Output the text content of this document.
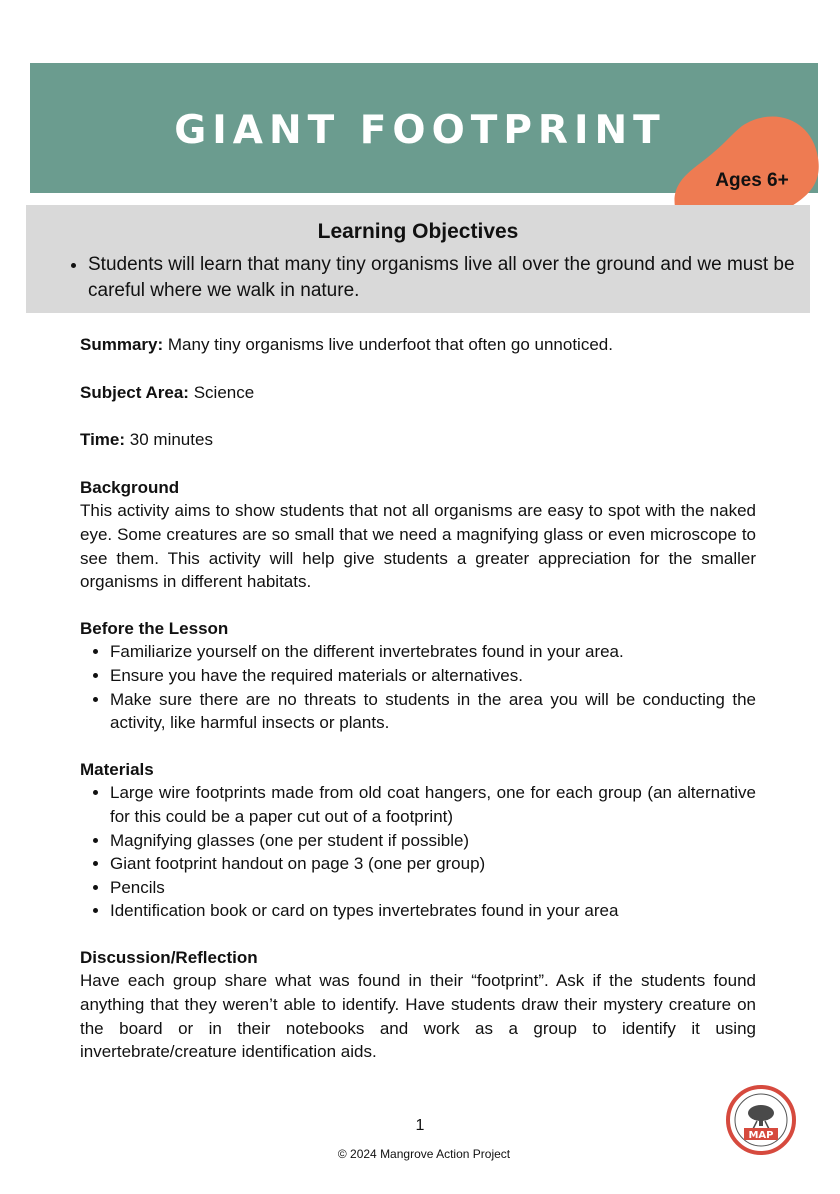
GIANT FOOTPRINT
Ages 6+
Learning Objectives
• Students will learn that many tiny organisms live all over the ground and we must be careful where we walk in nature.

Summary: Many tiny organisms live underfoot that often go unnoticed.

Subject Area: Science

Time: 30 minutes

Background

This activity aims to show students that not all organisms are easy to spot with the naked eye. Some creatures are so small that we need a magnifying glass or even microscope to see them. This activity will help give students a greater appreciation for the smaller organisms in different habitats.

Before the Lesson

• Familiarize yourself on the different invertebrates found in your area.
• Ensure you have the required materials or alternatives.
• Make sure there are no threats to students in the area you will be conducting the activity, like harmful insects or plants.

Materials

• Large wire footprints made from old coat hangers, one for each group (an alternative for this could be a paper cut out of a footprint)
• Magnifying glasses (one per student if possible)
• Giant footprint handout on page 3 (one per group)
• Pencils
• Identification book or card on types invertebrates found in your area

Discussion/Reflection

Have each group share what was found in their “footprint”. Ask if the students found anything that they weren’t able to identify. Have students draw their mystery creature on the board or in their notebooks and work as a group to identify it using invertebrate/creature identification aids.

1
© 2024 Mangrove Action Project
MAP
